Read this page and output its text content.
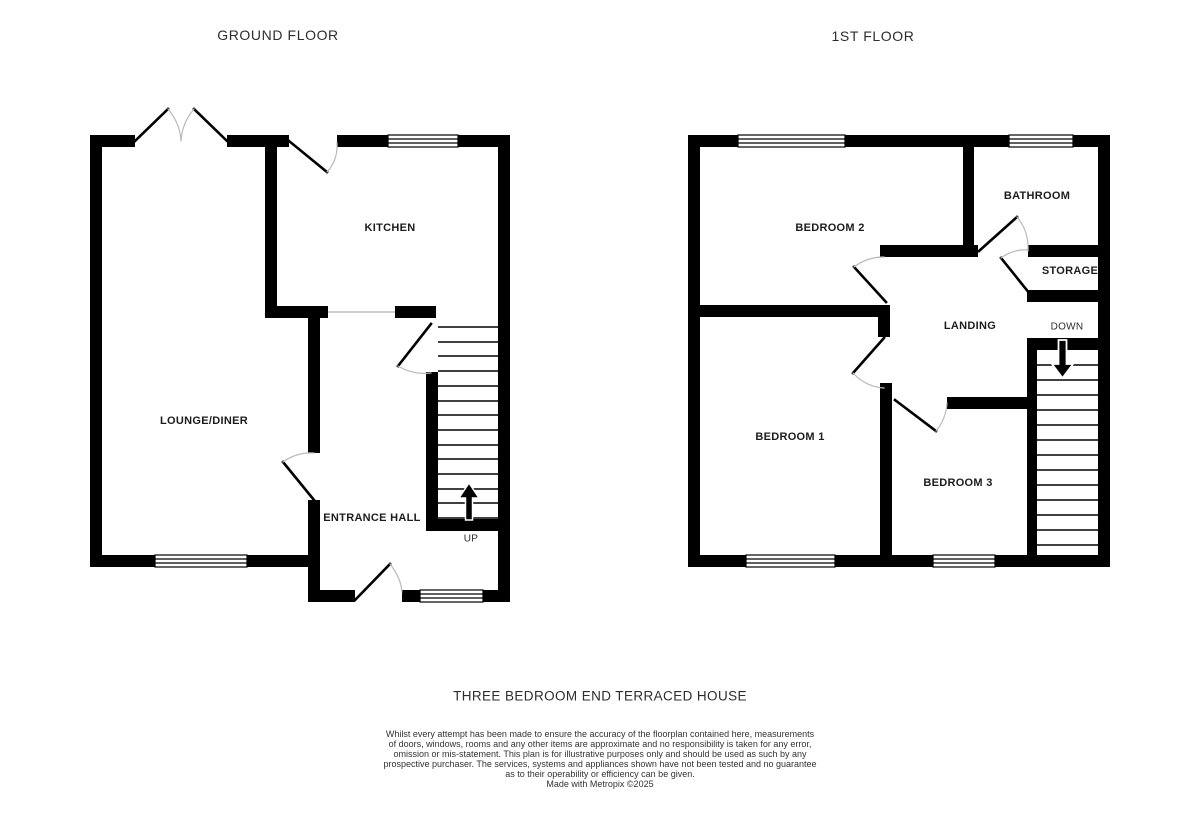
GROUND FLOOR	1ST FLOOR
KITCHEN
LOUNGE/DINER
ENTRANCE HALL
UP
BEDROOM 2
BATHROOM
STORAGE
LANDING	DOWN
BEDROOM 1
BEDROOM 3
THREE BEDROOM END TERRACED HOUSE
Whilst every attempt has been made to ensure the accuracy of the floorplan contained here, measurements
of doors, windows, rooms and any other items are approximate and no responsibility is taken for any error,
omission or mis-statement. This plan is for illustrative purposes only and should be used as such by any
prospective purchaser. The services, systems and appliances shown have not been tested and no guarantee
as to their operability or efficiency can be given.
Made with Metropix ©2025
